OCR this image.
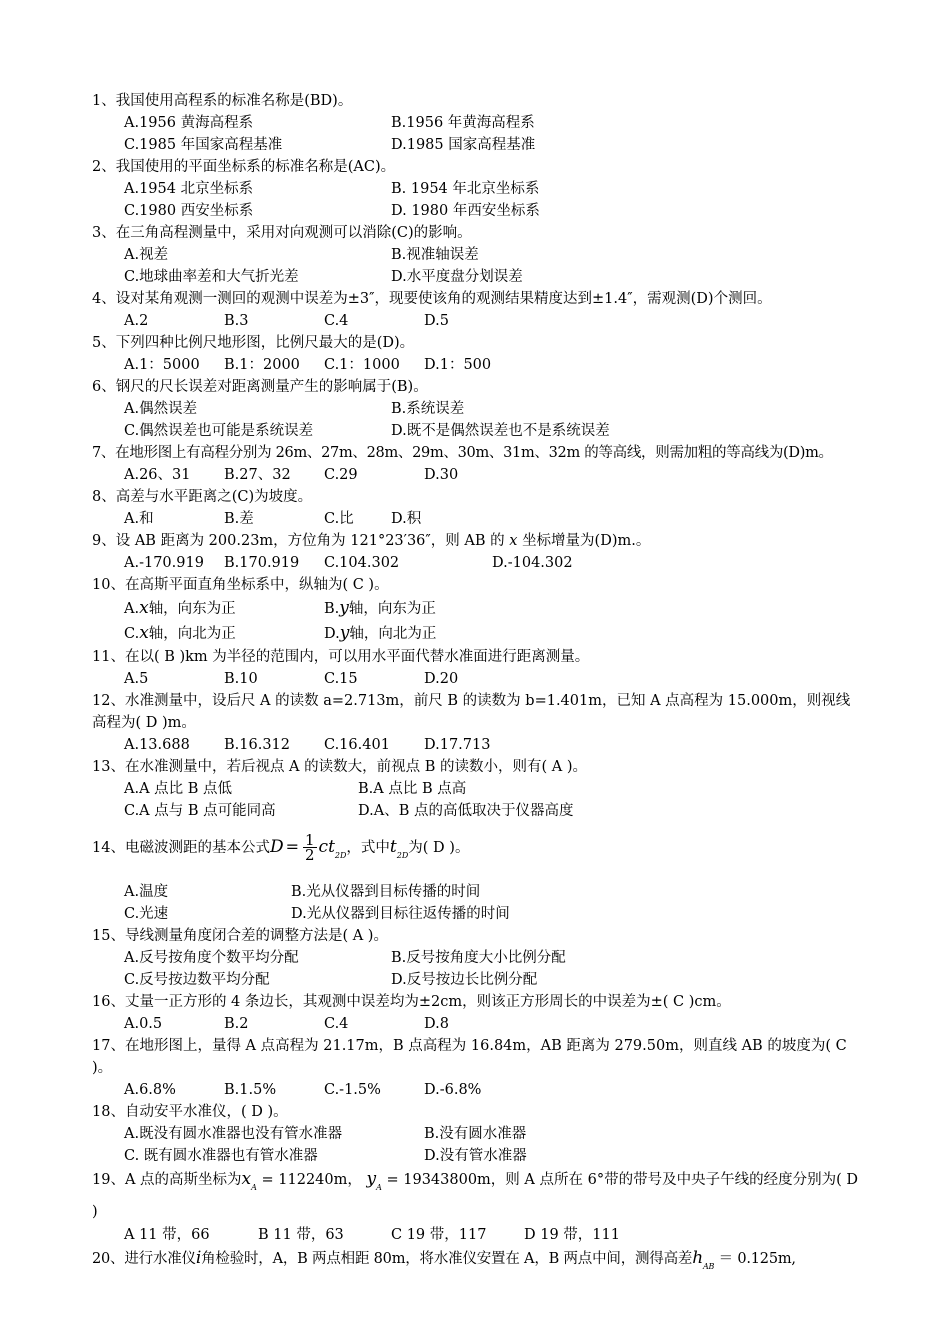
1、我国使用高程系的标准名称是(BD)。
A.1956 黄海高程系	B.1956 年黄海高程系
C.1985 年国家高程基准	D.1985 国家高程基准
2、我国使用的平面坐标系的标准名称是(AC)。
A.1954 北京坐标系	B. 1954 年北京坐标系
C.1980 西安坐标系	D. 1980 年西安坐标系
3、在三角高程测量中，采用对向观测可以消除(C)的影响。
A.视差	B.视准轴误差
C.地球曲率差和大气折光差	D.水平度盘分划误差
4、设对某角观测一测回的观测中误差为±3″，现要使该角的观测结果精度达到±1.4″，需观测(D)个测回。
A.2	B.3	C.4	D.5
5、下列四种比例尺地形图，比例尺最大的是(D)。
A.1：5000	B.1：2000	C.1：1000	D.1：500
6、钢尺的尺长误差对距离测量产生的影响属于(B)。
A.偶然误差	B.系统误差
C.偶然误差也可能是系统误差	D.既不是偶然误差也不是系统误差
7、在地形图上有高程分别为 26m、27m、28m、29m、30m、31m、32m 的等高线，则需加粗的等高线为(D)m。
A.26、31	B.27、32	C.29	D.30
8、高差与水平距离之(C)为坡度。
A.和	B.差	C.比	D.积
9、设 AB 距离为 200.23m，方位角为 121°23′36″，则 AB 的 x 坐标增量为(D)m.。
A.-170.919	B.170.919	C.104.302	D.-104.302
10、在高斯平面直角坐标系中，纵轴为( C )。
A.x轴，向东为正	B.y轴，向东为正
C.x轴，向北为正	D.y轴，向北为正
11、在以( B )km 为半径的范围内，可以用水平面代替水准面进行距离测量。
A.5	B.10	C.15	D.20
12、水准测量中，设后尺 A 的读数 a=2.713m，前尺 B 的读数为 b=1.401m，已知 A 点高程为 15.000m，则视线高程为( D )m。
A.13.688	B.16.312	C.16.401	D.17.713
13、在水准测量中，若后视点 A 的读数大，前视点 B 的读数小，则有( A )。
A.A 点比 B 点低	B.A 点比 B 点高
C.A 点与 B 点可能同高	D.A、B 点的高低取决于仪器高度
14、电磁波测距的基本公式$D = \frac{1}{2} ct_{2D}$，式中$t_{2D}$为( D )。
A.温度	B.光从仪器到目标传播的时间
C.光速	D.光从仪器到目标往返传播的时间
15、导线测量角度闭合差的调整方法是( A )。
A.反号按角度个数平均分配	B.反号按角度大小比例分配
C.反号按边数平均分配	D.反号按边长比例分配
16、丈量一正方形的 4 条边长，其观测中误差均为±2cm，则该正方形周长的中误差为±( C )cm。
A.0.5	B.2	C.4	D.8
17、在地形图上，量得 A 点高程为 21.17m，B 点高程为 16.84m，AB 距离为 279.50m，则直线 AB 的坡度为( C )。
A.6.8%	B.1.5%	C.-1.5%	D.-6.8%
18、自动安平水准仪，( D )。
A.既没有圆水准器也没有管水准器	B.没有圆水准器
C. 既有圆水准器也有管水准器	D.没有管水准器
19、A 点的高斯坐标为$x_A = 112240m$， $y_A = 19343800m$，则 A 点所在 6°带的带号及中央子午线的经度分别为( D )
A 11 带，66	B 11 带，63	C 19 带，117	D 19 带，111
20、进行水准仪i角检验时，A，B 两点相距 80m，将水准仪安置在 A，B 两点中间，测得高差$h_{AB} = 0.125m$,
